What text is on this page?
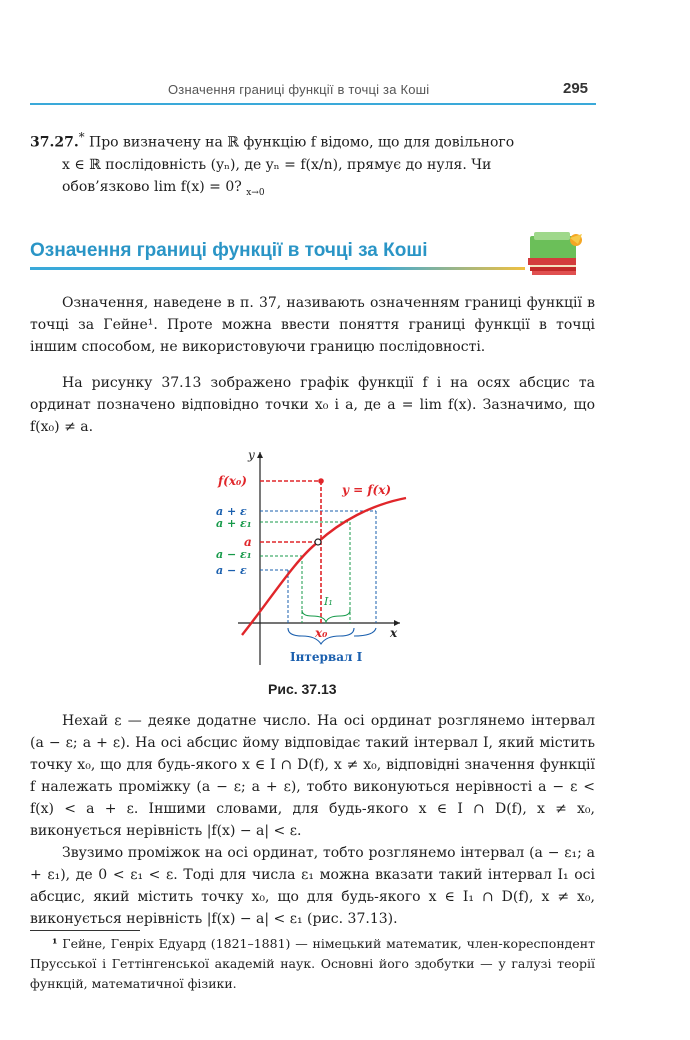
Означення границі функції в точці за Коші	295
37.27.* Про визначену на ℝ функцію f відомо, що для довільного
x ∈ ℝ послідовність (yₙ), де yₙ = f(x/n), прямує до нуля. Чи
обов’язково lim f(x) = 0? $_{x\to 0}$
Означення границі функції в точці за Коші
Означення, наведене в п. 37, називають означенням границі функції в точці за Гейне¹. Проте можна ввести поняття границі функції в точці іншим способом, не використовуючи границю послідовності.
На рисунку 37.13 зображено графік функції f і на осях абсцис та ординат позначено відповідно точки x₀ і a, де a = lim f(x). Зазначимо, що f(x₀) ≠ a.
y
x
f(x₀)
a + ε
a + ε₁
a
a − ε₁
a − ε
y = f(x)
I₁
x₀
Інтервал I
Рис. 37.13
Нехай ε — деяке додатне число. На осі ординат розглянемо інтервал (a − ε; a + ε). На осі абсцис йому відповідає такий інтервал I, який містить точку x₀, що для будь-якого x ∈ I ∩ D(f), x ≠ x₀, відповідні значення функції f належать проміжку (a − ε; a + ε), тобто виконуються нерівності a − ε < f(x) < a + ε. Іншими словами, для будь-якого x ∈ I ∩ D(f), x ≠ x₀, виконується нерівність |f(x) − a| < ε.
Звузимо проміжок на осі ординат, тобто розглянемо інтервал (a − ε₁; a + ε₁), де 0 < ε₁ < ε. Тоді для числа ε₁ можна вказати такий інтервал I₁ осі абсцис, який містить точку x₀, що для будь-якого x ∈ I₁ ∩ D(f), x ≠ x₀, виконується нерівність |f(x) − a| < ε₁ (рис. 37.13).
¹ Гейне, Генріх Едуард (1821–1881) — німецький математик, член-кореспондент Прусської і Геттінгенської академій наук. Основні його здобутки — у галузі теорії функцій, математичної фізики.
